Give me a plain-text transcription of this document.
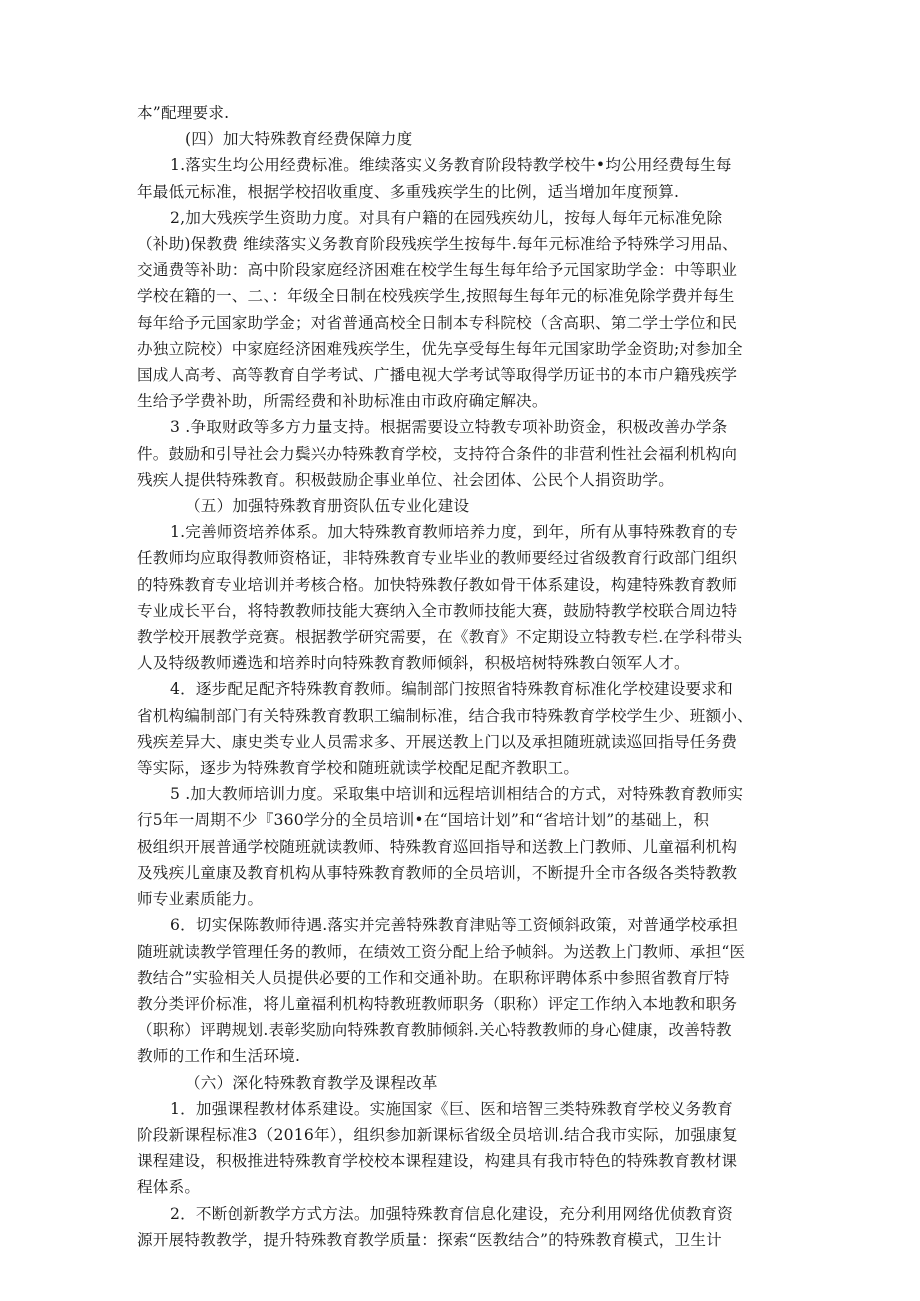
本”配理要求.

(四）加大特殊教育经费保障力度

1.落实生均公用经费标准。维续落实义务教育阶段特教学校牛•均公用经费每生每

年最低元标准，根据学校招收重度、多重残疾学生的比例，适当增加年度预算.

2,加大残疾学生资助力度。对具有户籍的在园残疾幼儿，按每人每年元标准免除

（补助)保教费 维续落实义务教育阶段残疾学生按每牛.每年元标准给予特殊学习用品、

交通费等补助：高中阶段家庭经济困难在校学生每生每年给予元国家助学金：中等职业

学校在籍的一、二、：年级全日制在校残疾学生,按照每生每年元的标准免除学费并每生

每年给予元国家助学金；对省普通高校全日制本专科院校（含高职、第二学士学位和民

办独立院校）中家庭经济困难残疾学生，优先享受每生每年元国家助学金资助;对参加全

国成人高考、高等教育自学考试、广播电视大学考试等取得学历证书的本市户籍残疾学

生给予学费补助，所需经费和补助标准由市政府确定解决。

3 .争取财政等多方力量支持。根据需要设立特教专项补助资金，积极改善办学条

件。鼓励和引导社会力鬓兴办特殊教育学校，支持符合条件的非营利性社会福利机构向

残疾人提供特殊教育。积极鼓励企事业单位、社会团体、公民个人捐资助学。

（五）加强特殊教育册资队伍专业化建设

1.完善师资培养体系。加大特殊教育教师培养力度，到年，所有从事特殊教育的专

任教师均应取得教师资格证，非特殊教育专业毕业的教师要经过省级教育行政部门组织

的特殊教育专业培训并考核合格。加快特殊教仔教如骨干体系建设，构建特殊教育教师

专业成长平台，将特教教师技能大赛纳入全市教师技能大赛，鼓励特教学校联合周边特

教学校开展教学竞赛。根据教学研究需要，在《教育》不定期设立特教专栏.在学科带头

人及特级教师遴选和培养时向特殊教育教师倾斜，积极培树特殊教白领军人才。

4．逐步配足配齐特殊教育教师。编制部门按照省特殊教育标准化学校建设要求和

省机构编制部门有关特殊教育教职工编制标准，结合我市特殊教育学校学生少、班额小、

残疾差异大、康史类专业人员需求多、开展送教上门以及承担随班就读巡回指导任务费

等实际，逐步为特殊教育学校和随班就读学校配足配齐教职工。

5 .加大教师培训力度。采取集中培训和远程培训相结合的方式，对特殊教育教师实

行5年一周期不少『360学分的全员培训•在“国培计划”和“省培计划”的基础上，积

极组织开展普通学校随班就读教师、特殊教育巡回指导和送教上门教师、儿童福利机构

及残疾儿童康及教育机构从事特殊教育教师的全员培训，不断提升全市各级各类特教教

师专业素质能力。

6．切实保陈教师待遇.落实并完善特殊教育津贴等工资倾斜政策，对普通学校承担

随班就读教学管理任务的教师，在绩效工资分配上给予帧斜。为送教上门教师、承担“医

教结合”实验相关人员提供必要的工作和交通补助。在职称评聘体系中参照省教育厅特

教分类评价标准，将儿童福利机构特教班教师职务（职称）评定工作纳入本地教和职务

（职称）评聘规划.表彰奖励向特殊教育教肺倾斜.关心特教教师的身心健康，改善特教

教师的工作和生活环境.

（六）深化特殊教育教学及课程改革

1．加强课程教材体系建设。实施国家《巨、医和培智三类特殊教育学校义务教育

阶段新课程标准3（2016年），组织参加新课标省级全员培训.结合我市实际，加强康复

课程建设，积极推进特殊教育学校校本课程建设，构建具有我市特色的特殊教育教材课

程体系。

2．不断创新教学方式方法。加强特殊教育信息化建设，充分利用网络优侦教育资

源开展特教教学，提升特殊教育教学质量：探索“医教结合”的特殊教育模式，卫生计
